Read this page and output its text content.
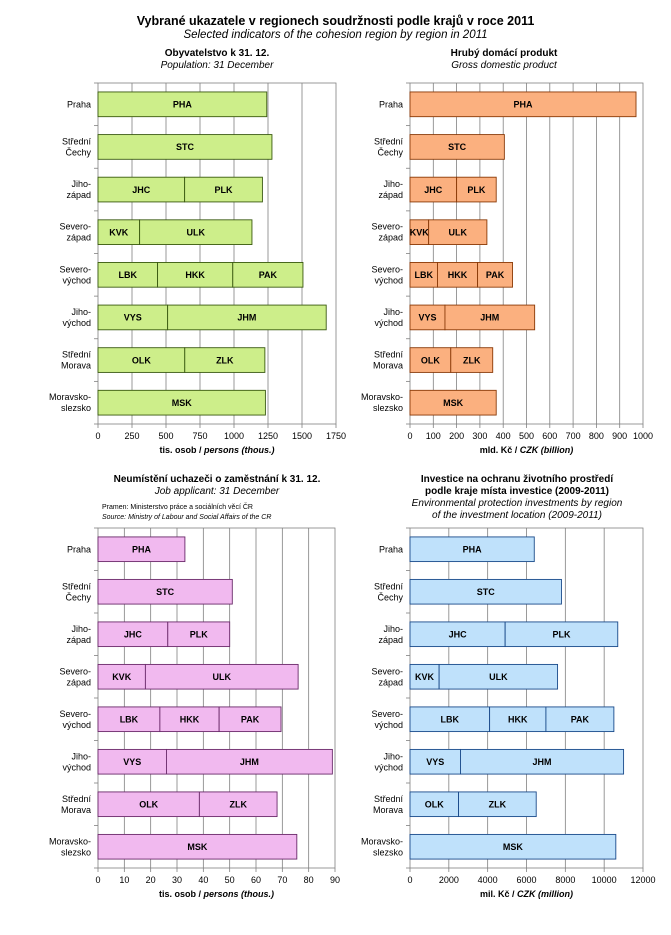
Vybrané ukazatele v regionech soudržnosti podle krajů v roce 2011
Selected indicators of the cohesion region by region in 2011
Obyvatelstvo k 31. 12.
Population: 31 December
0	250 500 750 1000 1250 1500 1750
Praha	PHA
Střední
Čechy
STC
Jiho-
západ
JHC	PLK
Severo-
západ
KVK	ULK
Severo-
východ
LBK	HKK	PAK
Jiho-
východ
VYS	JHM
Střední
Morava
OLK	ZLK
Moravsko-
slezsko
MSK
tis. osob / persons (thous.)
Hrubý domácí produkt
Gross domestic product
0 100 200 300 400 500 600 700 800 900 1000
Praha	PHA
Střední
Čechy
STC
Jiho-
západ
JHC	PLK
Severo-
západ
KVK ULK
Severo-
východ
LBK HKK PAK
Jiho-
východ
VYS	JHM
Střední
Morava
OLK	ZLK
Moravsko-
slezsko
MSK
mld. Kč / CZK (billion)
Neumístění uchazeči o zaměstnání k 31. 12.
Job applicant: 31 December
Pramen: Ministerstvo práce a sociálních věcí ČR
Source: Ministry of Labour and Social Affairs of the CR
0 10 20 30 40 50 60 70 80 90
Praha	PHA
Střední
Čechy
STC
Jiho-
západ
JHC	PLK
Severo-
západ
KVK	ULK
Severo-
východ
LBK	HKK	PAK
Jiho-
východ
VYS	JHM
Střední
Morava
OLK	ZLK
Moravsko-
slezsko
MSK
tis. osob / persons (thous.)
Investice na ochranu životního prostředí
podle kraje místa investice (2009-2011)
Environmental protection investments by region
of the investment location (2009-2011)
0	2000 4000 6000 8000 10000 12000
Praha	PHA
Střední
Čechy
STC
Jiho-
západ
JHC	PLK
Severo-
západ
KVK	ULK
Severo-
východ
LBK	HKK	PAK
Jiho-
východ
VYS	JHM
Střední
Morava
OLK	ZLK
Moravsko-
slezsko
MSK
mil. Kč / CZK (million)
